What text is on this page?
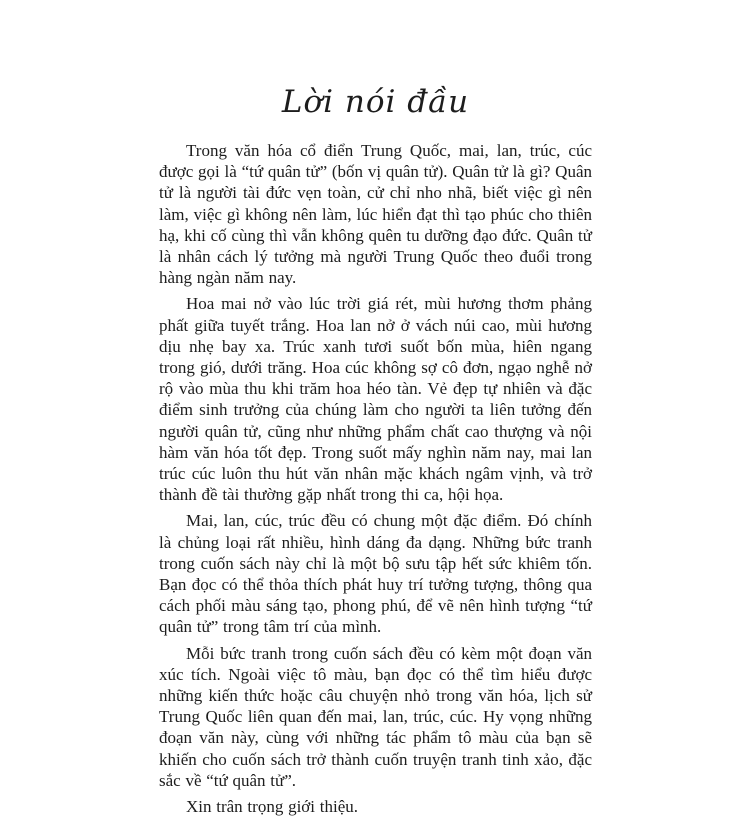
Lời nói đầu

Trong văn hóa cổ điển Trung Quốc, mai, lan, trúc, cúc được gọi là “tứ quân tử” (bốn vị quân tử). Quân tử là gì? Quân tử là người tài đức vẹn toàn, cử chỉ nho nhã, biết việc gì nên làm, việc gì không nên làm, lúc hiển đạt thì tạo phúc cho thiên hạ, khi cố cùng thì vẫn không quên tu dưỡng đạo đức. Quân tử là nhân cách lý tưởng mà người Trung Quốc theo đuổi trong hàng ngàn năm nay.

Hoa mai nở vào lúc trời giá rét, mùi hương thơm phảng phất giữa tuyết trắng. Hoa lan nở ở vách núi cao, mùi hương dịu nhẹ bay xa. Trúc xanh tươi suốt bốn mùa, hiên ngang trong gió, dưới trăng. Hoa cúc không sợ cô đơn, ngạo nghễ nở rộ vào mùa thu khi trăm hoa héo tàn. Vẻ đẹp tự nhiên và đặc điểm sinh trưởng của chúng làm cho người ta liên tưởng đến người quân tử, cũng như những phẩm chất cao thượng và nội hàm văn hóa tốt đẹp. Trong suốt mấy nghìn năm nay, mai lan trúc cúc luôn thu hút văn nhân mặc khách ngâm vịnh, và trở thành đề tài thường gặp nhất trong thi ca, hội họa.

Mai, lan, cúc, trúc đều có chung một đặc điểm. Đó chính là chủng loại rất nhiều, hình dáng đa dạng. Những bức tranh trong cuốn sách này chỉ là một bộ sưu tập hết sức khiêm tốn. Bạn đọc có thể thỏa thích phát huy trí tưởng tượng, thông qua cách phối màu sáng tạo, phong phú, để vẽ nên hình tượng “tứ quân tử” trong tâm trí của mình.

Mỗi bức tranh trong cuốn sách đều có kèm một đoạn văn xúc tích. Ngoài việc tô màu, bạn đọc có thể tìm hiểu được những kiến thức hoặc câu chuyện nhỏ trong văn hóa, lịch sử Trung Quốc liên quan đến mai, lan, trúc, cúc. Hy vọng những đoạn văn này, cùng với những tác phẩm tô màu của bạn sẽ khiến cho cuốn sách trở thành cuốn truyện tranh tinh xảo, đặc sắc về “tứ quân tử”.

Xin trân trọng giới thiệu.
